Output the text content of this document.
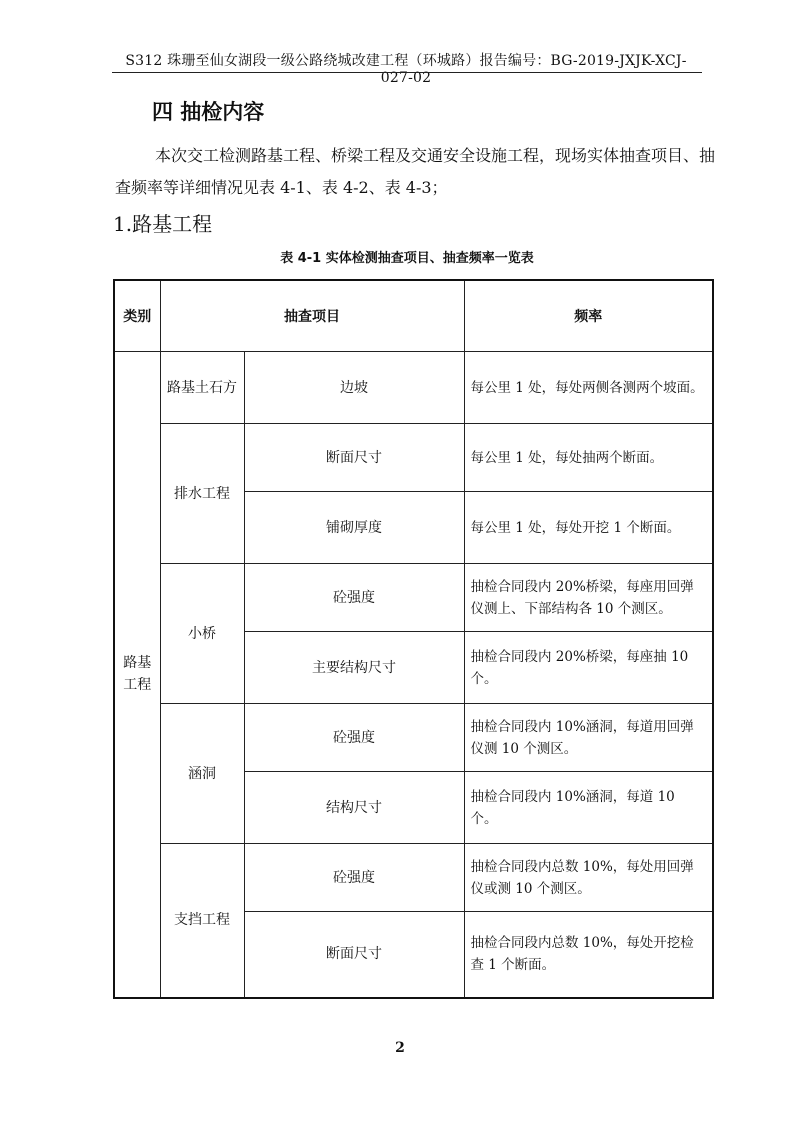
S312 珠珊至仙女湖段一级公路绕城改建工程（环城路）报告编号：BG-2019-JXJK-XCJ-027-02
四 抽检内容
本次交工检测路基工程、桥梁工程及交通安全设施工程，现场实体抽查项目、抽查频率等详细情况见表 4-1、表 4-2、表 4-3；
1.路基工程
表 4-1 实体检测抽查项目、抽查频率一览表
类别	抽查项目		频率
路基工程	路基土石方	边坡	每公里 1 处，每处两侧各测两个坡面。
	排水工程	断面尺寸	每公里 1 处，每处抽两个断面。
		铺砌厚度	每公里 1 处，每处开挖 1 个断面。
	小桥	砼强度	抽检合同段内 20%桥梁，每座用回弹仪测上、下部结构各 10 个测区。
		主要结构尺寸	抽检合同段内 20%桥梁，每座抽 10 个。
	涵洞	砼强度	抽检合同段内 10%涵洞，每道用回弹仪测 10 个测区。
		结构尺寸	抽检合同段内 10%涵洞，每道 10 个。
	支挡工程	砼强度	抽检合同段内总数 10%，每处用回弹仪或测 10 个测区。
		断面尺寸	抽检合同段内总数 10%，每处开挖检查 1 个断面。
2
